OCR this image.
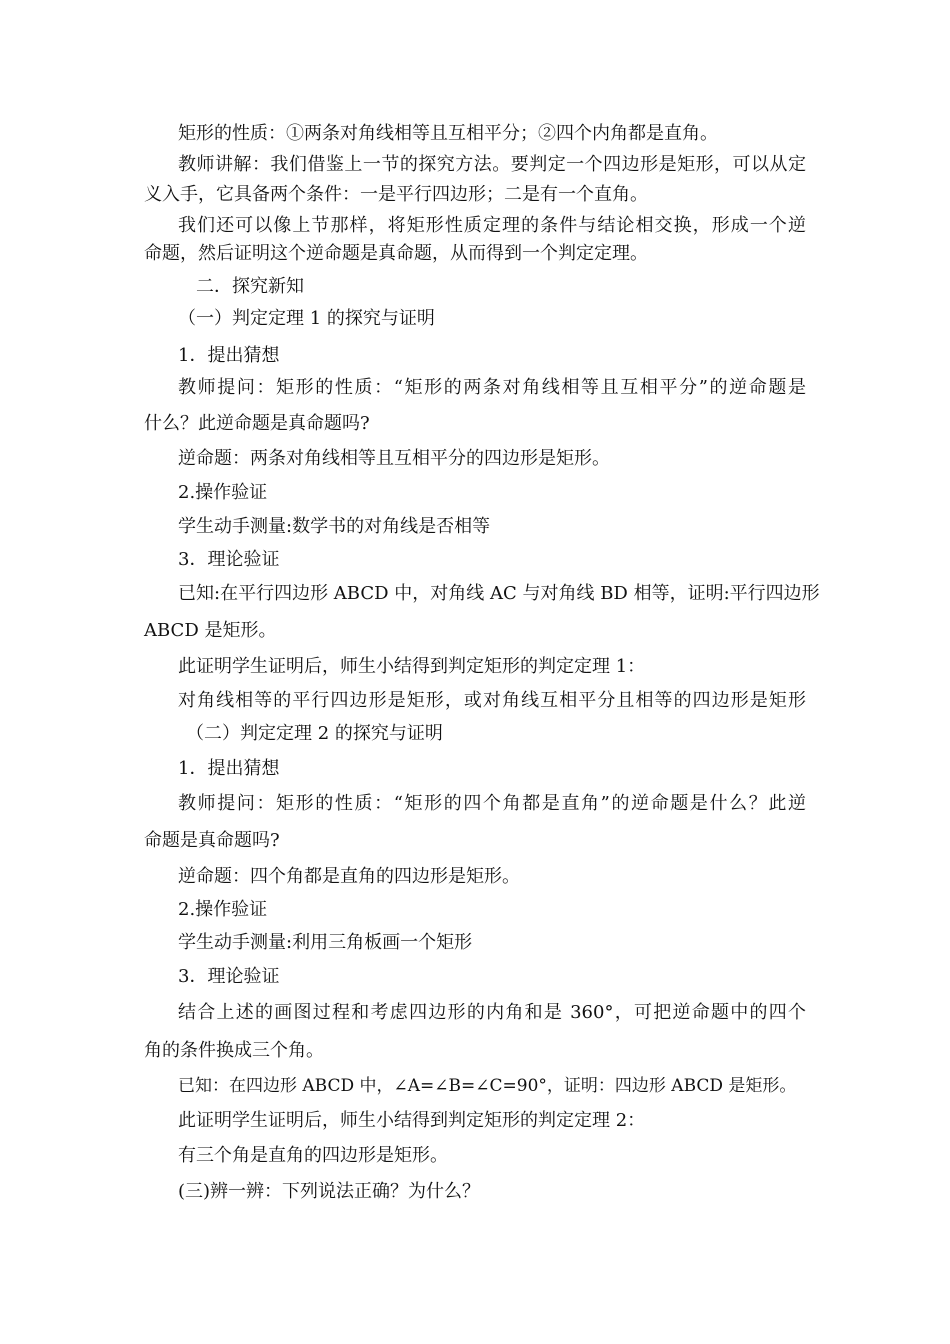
矩形的性质：①两条对角线相等且互相平分；②四个内角都是直角。
教师讲解：我们借鉴上一节的探究方法。要判定一个四边形是矩形，可以从定
义入手，它具备两个条件：一是平行四边形；二是有一个直角。
我们还可以像上节那样，将矩形性质定理的条件与结论相交换，形成一个逆
命题，然后证明这个逆命题是真命题，从而得到一个判定定理。
二．探究新知
（一）判定定理 1 的探究与证明
1．提出猜想
教师提问：矩形的性质：“矩形的两条对角线相等且互相平分”的逆命题是
什么？此逆命题是真命题吗?
逆命题：两条对角线相等且互相平分的四边形是矩形。
2.操作验证
学生动手测量:数学书的对角线是否相等
3．理论验证
已知:在平行四边形 ABCD 中，对角线 AC 与对角线 BD 相等，证明:平行四边形
ABCD 是矩形。
此证明学生证明后，师生小结得到判定矩形的判定定理 1：
对角线相等的平行四边形是矩形，或对角线互相平分且相等的四边形是矩形
（二）判定定理 2 的探究与证明
1．提出猜想
教师提问：矩形的性质：“矩形的四个角都是直角”的逆命题是什么？此逆
命题是真命题吗?
逆命题：四个角都是直角的四边形是矩形。
2.操作验证
学生动手测量:利用三角板画一个矩形
3．理论验证
结合上述的画图过程和考虑四边形的内角和是 360°，可把逆命题中的四个
角的条件换成三个角。
已知：在四边形 ABCD 中，∠A=∠B=∠C=90°，证明：四边形 ABCD 是矩形。
此证明学生证明后，师生小结得到判定矩形的判定定理 2：
有三个角是直角的四边形是矩形。
(三)辨一辨：下列说法正确？为什么？
